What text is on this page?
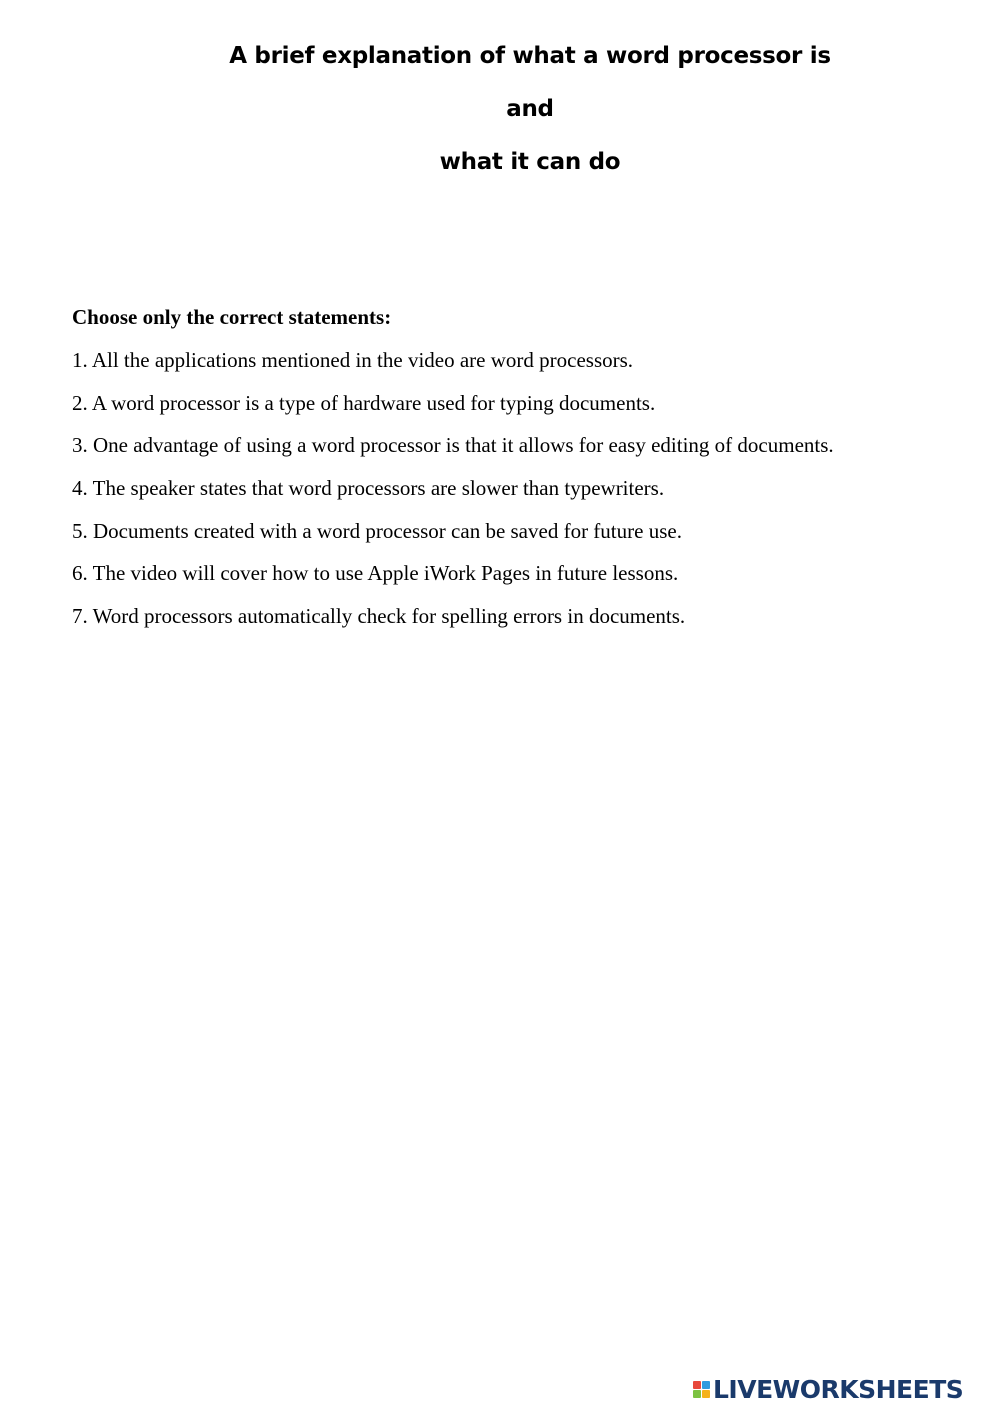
A brief explanation of what a word processor is
and
what it can do
Choose only the correct statements:
1. All the applications mentioned in the video are word processors.
2. A word processor is a type of hardware used for typing documents.
3. One advantage of using a word processor is that it allows for easy editing of documents.
4. The speaker states that word processors are slower than typewriters.
5. Documents created with a word processor can be saved for future use.
6. The video will cover how to use Apple iWork Pages in future lessons.
7. Word processors automatically check for spelling errors in documents.
LIVEWORKSHEETS
